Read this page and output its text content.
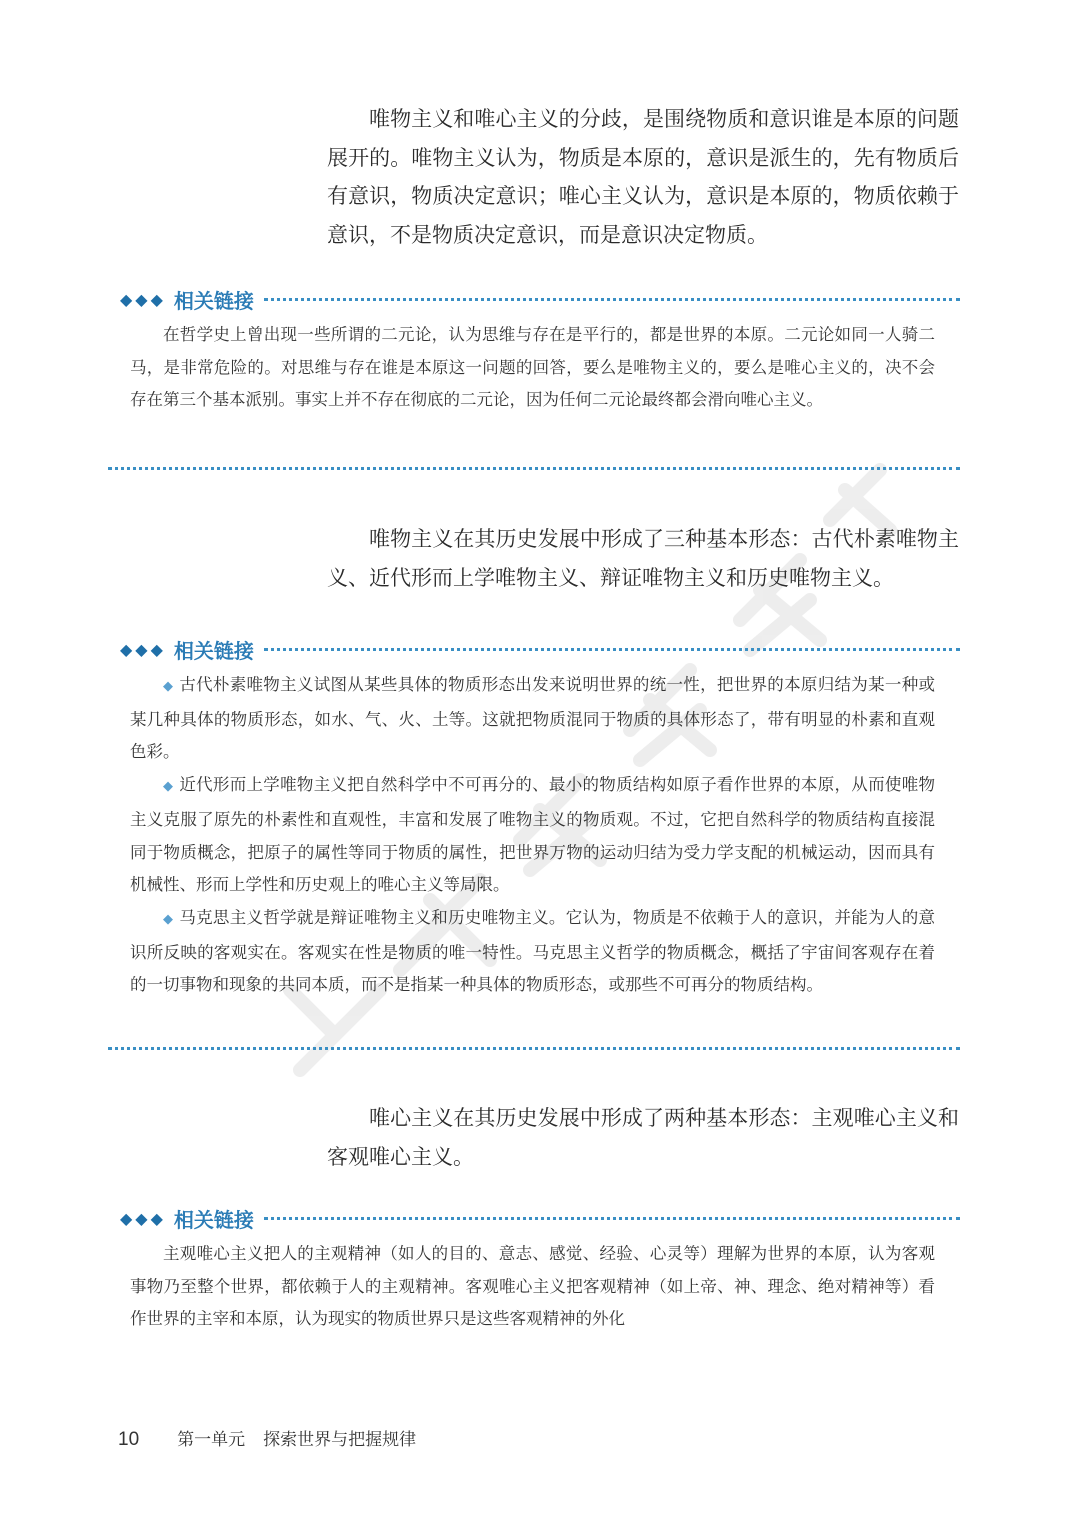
唯物主义和唯心主义的分歧，是围绕物质和意识谁是本原的问题展开的。唯物主义认为，物质是本原的，意识是派生的，先有物质后有意识，物质决定意识；唯心主义认为，意识是本原的，物质依赖于意识，不是物质决定意识，而是意识决定物质。

◆◆◆ 相关链接

在哲学史上曾出现一些所谓的二元论，认为思维与存在是平行的，都是世界的本原。二元论如同一人骑二马，是非常危险的。对思维与存在谁是本原这一问题的回答，要么是唯物主义的，要么是唯心主义的，决不会存在第三个基本派别。事实上并不存在彻底的二元论，因为任何二元论最终都会滑向唯心主义。

唯物主义在其历史发展中形成了三种基本形态：古代朴素唯物主义、近代形而上学唯物主义、辩证唯物主义和历史唯物主义。

◆◆◆ 相关链接

◆ 古代朴素唯物主义试图从某些具体的物质形态出发来说明世界的统一性，把世界的本原归结为某一种或某几种具体的物质形态，如水、气、火、土等。这就把物质混同于物质的具体形态了，带有明显的朴素和直观色彩。

◆ 近代形而上学唯物主义把自然科学中不可再分的、最小的物质结构如原子看作世界的本原，从而使唯物主义克服了原先的朴素性和直观性，丰富和发展了唯物主义的物质观。不过，它把自然科学的物质结构直接混同于物质概念，把原子的属性等同于物质的属性，把世界万物的运动归结为受力学支配的机械运动，因而具有机械性、形而上学性和历史观上的唯心主义等局限。

◆ 马克思主义哲学就是辩证唯物主义和历史唯物主义。它认为，物质是不依赖于人的意识，并能为人的意识所反映的客观实在。客观实在性是物质的唯一特性。马克思主义哲学的物质概念，概括了宇宙间客观存在着的一切事物和现象的共同本质，而不是指某一种具体的物质形态，或那些不可再分的物质结构。

唯心主义在其历史发展中形成了两种基本形态：主观唯心主义和客观唯心主义。

◆◆◆ 相关链接

主观唯心主义把人的主观精神（如人的目的、意志、感觉、经验、心灵等）理解为世界的本原，认为客观事物乃至整个世界，都依赖于人的主观精神。客观唯心主义把客观精神（如上帝、神、理念、绝对精神等）看作世界的主宰和本原，认为现实的物质世界只是这些客观精神的外化

10 第一单元 探索世界与把握规律
